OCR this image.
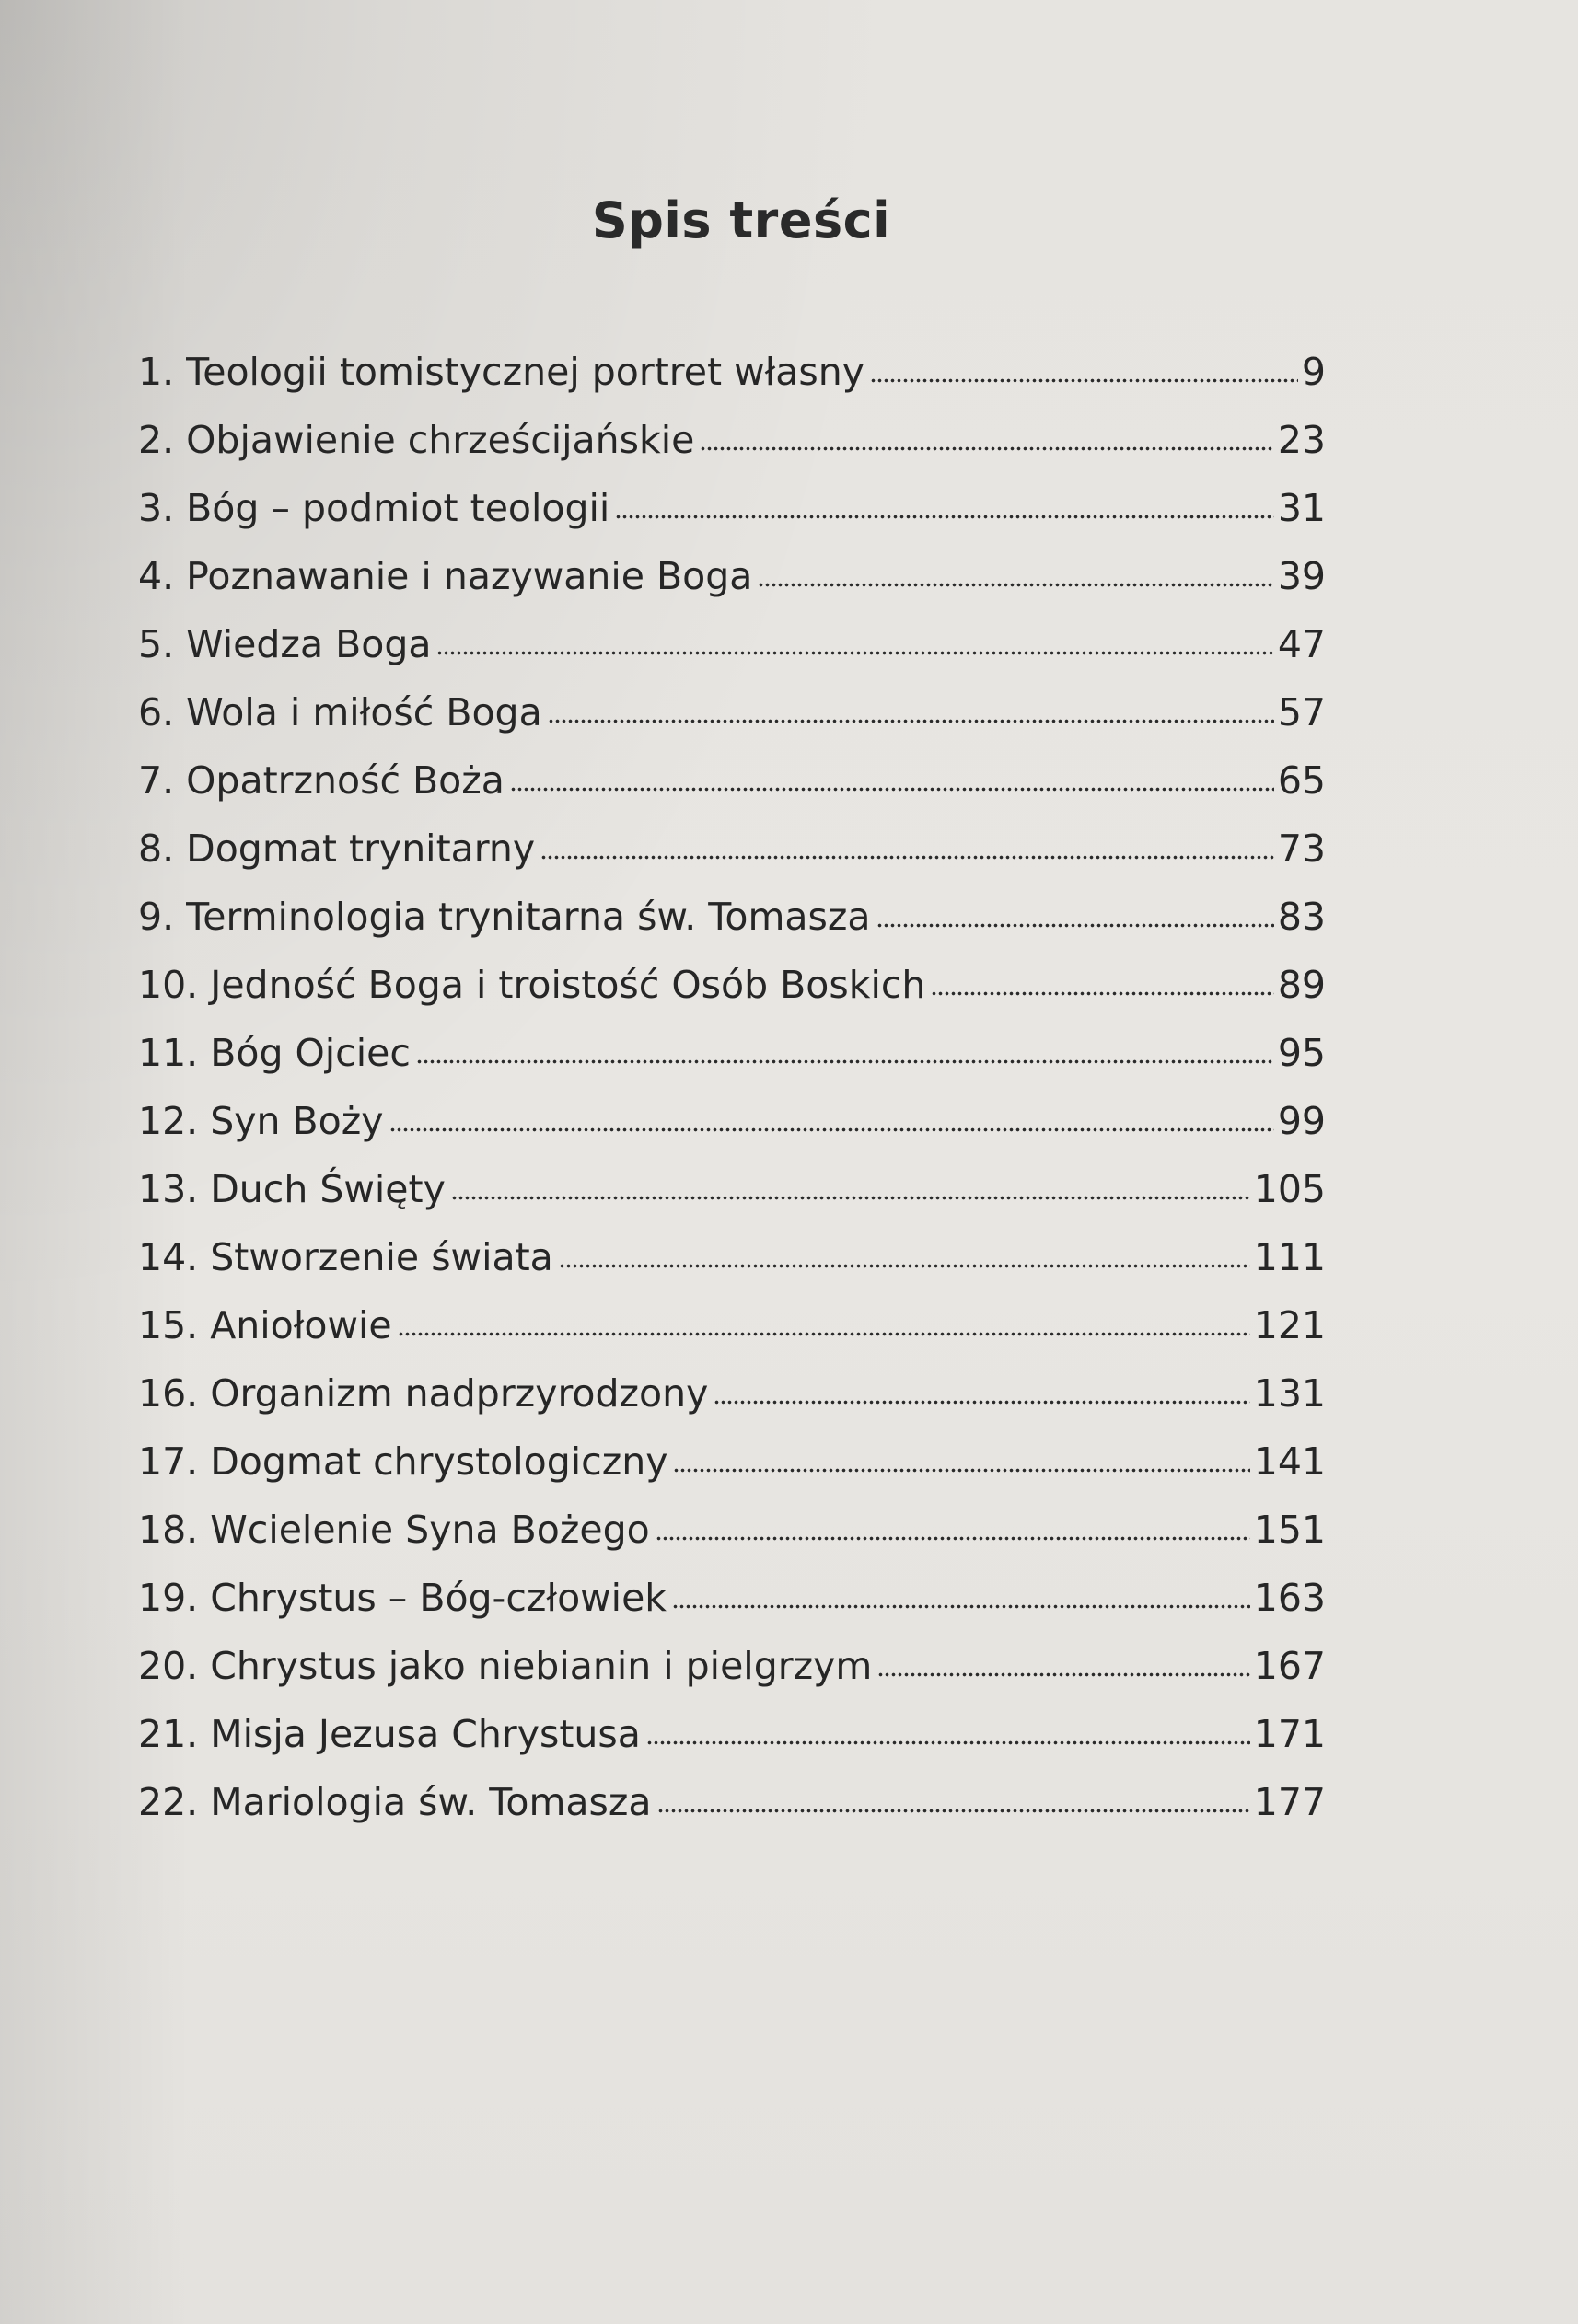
Spis treści
1. Teologii tomistycznej portret własny	9
2. Objawienie chrześcijańskie	23
3. Bóg – podmiot teologii	31
4. Poznawanie i nazywanie Boga	39
5. Wiedza Boga	47
6. Wola i miłość Boga	57
7. Opatrzność Boża	65
8. Dogmat trynitarny	73
9. Terminologia trynitarna św. Tomasza	83
10. Jedność Boga i troistość Osób Boskich	89
11. Bóg Ojciec	95
12. Syn Boży	99
13. Duch Święty	105
14. Stworzenie świata	111
15. Aniołowie	121
16. Organizm nadprzyrodzony	131
17. Dogmat chrystologiczny	141
18. Wcielenie Syna Bożego	151
19. Chrystus – Bóg-człowiek	163
20. Chrystus jako niebianin i pielgrzym	167
21. Misja Jezusa Chrystusa	171
22. Mariologia św. Tomasza	177
